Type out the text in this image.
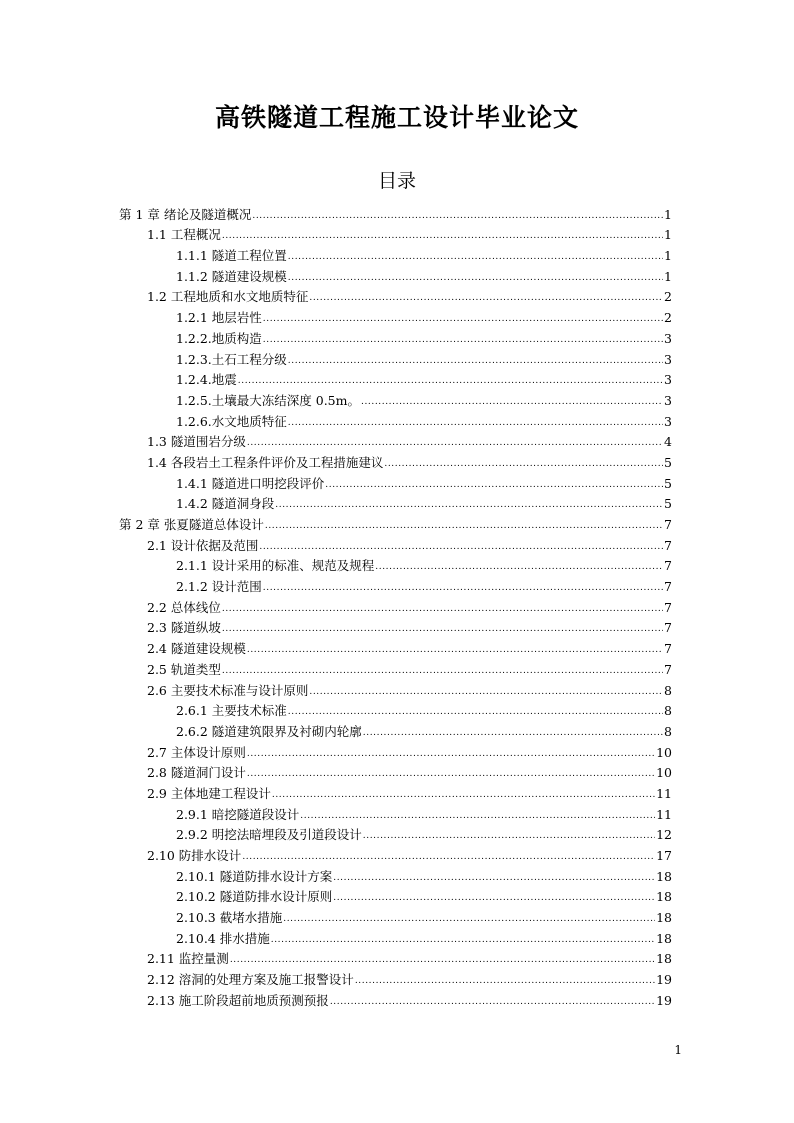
高铁隧道工程施工设计毕业论文
目录
第 1 章 绪论及隧道概况 .....	1
1.1 工程概况 .....	1
1.1.1 隧道工程位置 .....	1
1.1.2 隧道建设规模 .....	1
1.2 工程地质和水文地质特征 .....	2
1.2.1 地层岩性 .....	2
1.2.2.地质构造 .....	3
1.2.3.土石工程分级 .....	3
1.2.4.地震 .....	3
1.2.5.土壤最大冻结深度 0.5m。 .....	3
1.2.6.水文地质特征 .....	3
1.3 隧道围岩分级 .....	4
1.4 各段岩土工程条件评价及工程措施建议 .....	5
1.4.1 隧道进口明挖段评价 .....	5
1.4.2 隧道洞身段 .....	5
第 2 章 张夏隧道总体设计 .....	7
2.1 设计依据及范围 .....	7
2.1.1 设计采用的标准、规范及规程 .....	7
2.1.2 设计范围 .....	7
2.2 总体线位 .....	7
2.3 隧道纵坡 .....	7
2.4 隧道建设规模 .....	7
2.5 轨道类型 .....	7
2.6 主要技术标准与设计原则 .....	8
2.6.1 主要技术标准 .....	8
2.6.2 隧道建筑限界及衬砌内轮廓 .....	8
2.7 主体设计原则 .....	10
2.8 隧道洞门设计 .....	10
2.9 主体地建工程设计 .....	11
2.9.1 暗挖隧道段设计 .....	11
2.9.2 明挖法暗埋段及引道段设计 .....	12
2.10 防排水设计 .....	17
2.10.1 隧道防排水设计方案 .....	18
2.10.2 隧道防排水设计原则 .....	18
2.10.3 截堵水措施 .....	18
2.10.4 排水措施 .....	18
2.11 监控量测 .....	18
2.12 溶洞的处理方案及施工报警设计 .....	19
2.13 施工阶段超前地质预测预报 .....	19
1
